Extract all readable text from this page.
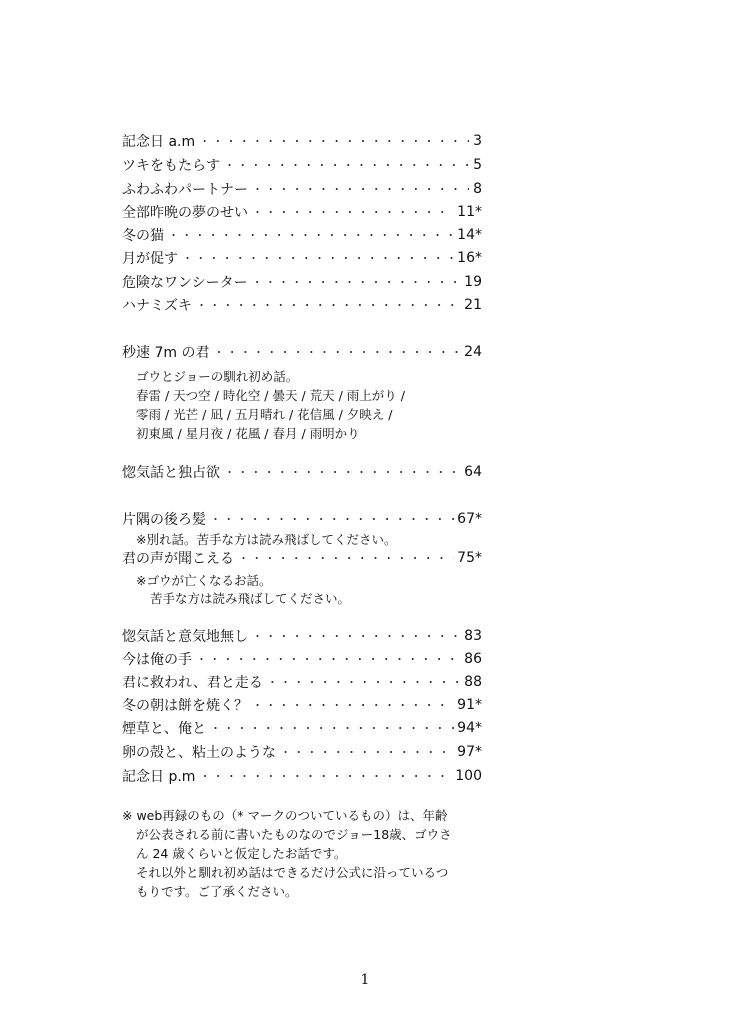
記念日 a.m ・・・・・・・・・・・・・・・・・・・・・・・・・・・・・・・・・・・・・・・・・・・・・・・・・・・・・・・・・・・・・・	3
ツキをもたらす ・・・・・・・・・・・・・・・・・・・・・・・・・・・・・・・・・・・・・・・・・・・・・・・・・・・・・・・・・・・・・・	5
ふわふわパートナー ・・・・・・・・・・・・・・・・・・・・・・・・・・・・・・・・・・・・・・・・・・・・・・・・・・・・・・・・・・・・・・	8
全部昨晩の夢のせい ・・・・・・・・・・・・・・・・・・・・・・・・・・・・・・・・・・・・・・・・・・・・・・・・・・・・・・・・・・・・・・	11*
冬の猫 ・・・・・・・・・・・・・・・・・・・・・・・・・・・・・・・・・・・・・・・・・・・・・・・・・・・・・・・・・・・・・・	14*
月が促す ・・・・・・・・・・・・・・・・・・・・・・・・・・・・・・・・・・・・・・・・・・・・・・・・・・・・・・・・・・・・・・	16*
危険なワンシーター ・・・・・・・・・・・・・・・・・・・・・・・・・・・・・・・・・・・・・・・・・・・・・・・・・・・・・・・・・・・・・・	19
ハナミズキ ・・・・・・・・・・・・・・・・・・・・・・・・・・・・・・・・・・・・・・・・・・・・・・・・・・・・・・・・・・・・・・	21
秒速 7m の君 ・・・・・・・・・・・・・・・・・・・・・・・・・・・・・・・・・・・・・・・・・・・・・・・・・・・・・・・・・・・・・・	24
ゴウとジョーの馴れ初め話。
春雷 / 天つ空 / 時化空 / 曇天 / 荒天 / 雨上がり /
零雨 / 光芒 / 凪 / 五月晴れ / 花信風 / 夕映え /
初東風 / 星月夜 / 花風 / 春月 / 雨明かり
惚気話と独占欲 ・・・・・・・・・・・・・・・・・・・・・・・・・・・・・・・・・・・・・・・・・・・・・・・・・・・・・・・・・・・・・・	64
片隅の後ろ髪 ・・・・・・・・・・・・・・・・・・・・・・・・・・・・・・・・・・・・・・・・・・・・・・・・・・・・・・・・・・・・・・	67*
※別れ話。苦手な方は読み飛ばしてください。
君の声が聞こえる ・・・・・・・・・・・・・・・・・・・・・・・・・・・・・・・・・・・・・・・・・・・・・・・・・・・・・・・・・・・・・・	75*
※ゴウが亡くなるお話。
苦手な方は読み飛ばしてください。
惚気話と意気地無し ・・・・・・・・・・・・・・・・・・・・・・・・・・・・・・・・・・・・・・・・・・・・・・・・・・・・・・・・・・・・・・	83
今は俺の手 ・・・・・・・・・・・・・・・・・・・・・・・・・・・・・・・・・・・・・・・・・・・・・・・・・・・・・・・・・・・・・・	86
君に救われ、君と走る ・・・・・・・・・・・・・・・・・・・・・・・・・・・・・・・・・・・・・・・・・・・・・・・・・・・・・・・・・・・・・・	88
冬の朝は餅を焼く？ ・・・・・・・・・・・・・・・・・・・・・・・・・・・・・・・・・・・・・・・・・・・・・・・・・・・・・・・・・・・・・・	91*
煙草と、俺と ・・・・・・・・・・・・・・・・・・・・・・・・・・・・・・・・・・・・・・・・・・・・・・・・・・・・・・・・・・・・・・	94*
卵の殻と、粘土のような ・・・・・・・・・・・・・・・・・・・・・・・・・・・・・・・・・・・・・・・・・・・・・・・・・・・・・・・・・・・・・・	97*
記念日 p.m ・・・・・・・・・・・・・・・・・・・・・・・・・・・・・・・・・・・・・・・・・・・・・・・・・・・・・・・・・・・・・・	100
※ web再録のもの（* マークのついているもの）は、年齢
が公表される前に書いたものなのでジョー18歳、ゴウさ
ん 24 歳くらいと仮定したお話です。
それ以外と馴れ初め話はできるだけ公式に沿っているつ
もりです。ご了承ください。
1
